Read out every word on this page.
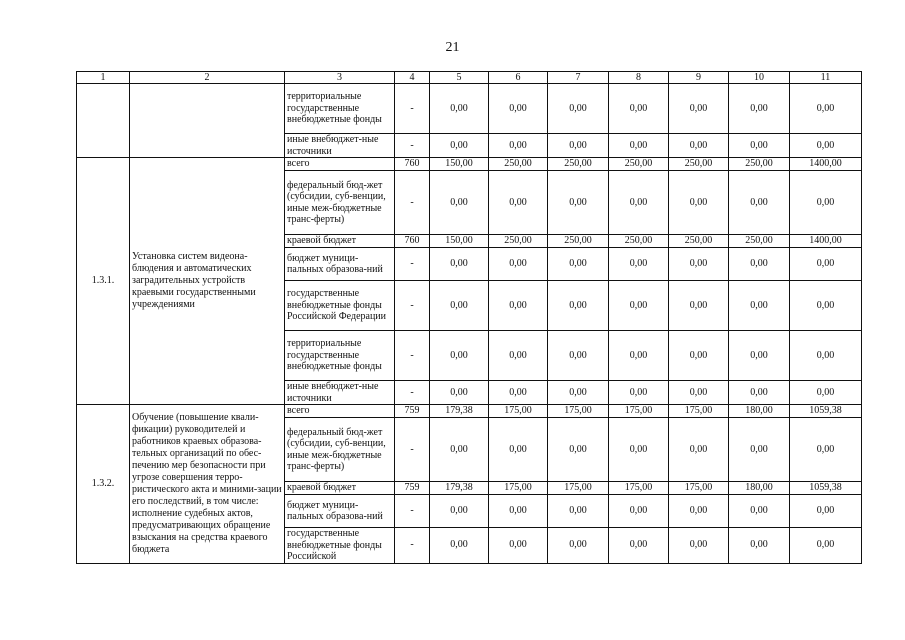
21
1	2	3	4	5	6	7	8	9	10	11
		территориальные государственные внебюджетные фонды	-	0,00	0,00	0,00	0,00	0,00	0,00	0,00
		иные внебюджет-ные источники	-	0,00	0,00	0,00	0,00	0,00	0,00	0,00
1.3.1.	Установка систем видеона-блюдения и автоматических заградительных устройств краевыми государственными учреждениями	всего	760	150,00	250,00	250,00	250,00	250,00	250,00	1400,00
		федеральный бюд-жет (субсидии, суб-венции, иные меж-бюджетные транс-ферты)	-	0,00	0,00	0,00	0,00	0,00	0,00	0,00
		краевой бюджет	760	150,00	250,00	250,00	250,00	250,00	250,00	1400,00
		бюджет муници-пальных образова-ний	-	0,00	0,00	0,00	0,00	0,00	0,00	0,00
		государственные внебюджетные фонды Российской Федерации	-	0,00	0,00	0,00	0,00	0,00	0,00	0,00
		территориальные государственные внебюджетные фонды	-	0,00	0,00	0,00	0,00	0,00	0,00	0,00
		иные внебюджет-ные источники	-	0,00	0,00	0,00	0,00	0,00	0,00	0,00
1.3.2.	Обучение (повышение квали-фикации) руководителей и работников краевых образова-тельных организаций по обес-печению мер безопасности при угрозе совершения терро-ристического акта и миними-зации его последствий, в том числе: исполнение судебных актов, предусматривающих обращение взыскания на средства краевого бюджета	всего	759	179,38	175,00	175,00	175,00	175,00	180,00	1059,38
		федеральный бюд-жет (субсидии, суб-венции, иные меж-бюджетные транс-ферты)	-	0,00	0,00	0,00	0,00	0,00	0,00	0,00
		краевой бюджет	759	179,38	175,00	175,00	175,00	175,00	180,00	1059,38
		бюджет муници-пальных образова-ний	-	0,00	0,00	0,00	0,00	0,00	0,00	0,00
		государственные внебюджетные фонды Российской	-	0,00	0,00	0,00	0,00	0,00	0,00	0,00
